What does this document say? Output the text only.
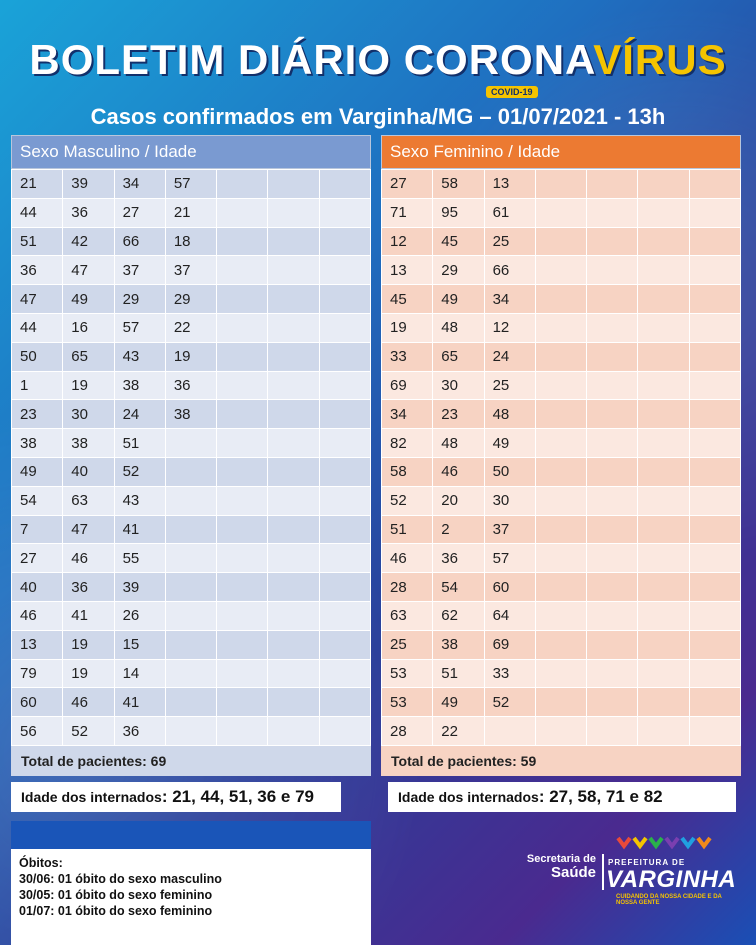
BOLETIM DIÁRIO CORONAVÍRUS
COVID-19
Casos confirmados em Varginha/MG – 01/07/2021 - 13h
Sexo Masculino / Idade
21	39	34	57			
44	36	27	21			
51	42	66	18			
36	47	37	37			
47	49	29	29			
44	16	57	22			
50	65	43	19			
1	19	38	36			
23	30	24	38			
38	38	51				
49	40	52				
54	63	43				
7	47	41				
27	46	55				
40	36	39				
46	41	26				
13	19	15				
79	19	14				
60	46	41				
56	52	36				
Total de pacientes: 69
Sexo Feminino / Idade
27	58	13				
71	95	61				
12	45	25				
13	29	66				
45	49	34				
19	48	12				
33	65	24				
69	30	25				
34	23	48				
82	48	49				
58	46	50				
52	20	30				
51	2	37				
46	36	57				
28	54	60				
63	62	64				
25	38	69				
53	51	33				
53	49	52				
28	22					
Total de pacientes: 59
Idade dos internados: 21, 44, 51, 36 e 79	Idade dos internados: 27, 58, 71 e 82
Óbitos:
30/06: 01 óbito do sexo masculino
30/05: 01 óbito do sexo feminino
01/07: 01 óbito do sexo feminino
Secretaria de
Saúde
PREFEITURA DE
VARGINHA
CUIDANDO DA NOSSA CIDADE E DA NOSSA GENTE
